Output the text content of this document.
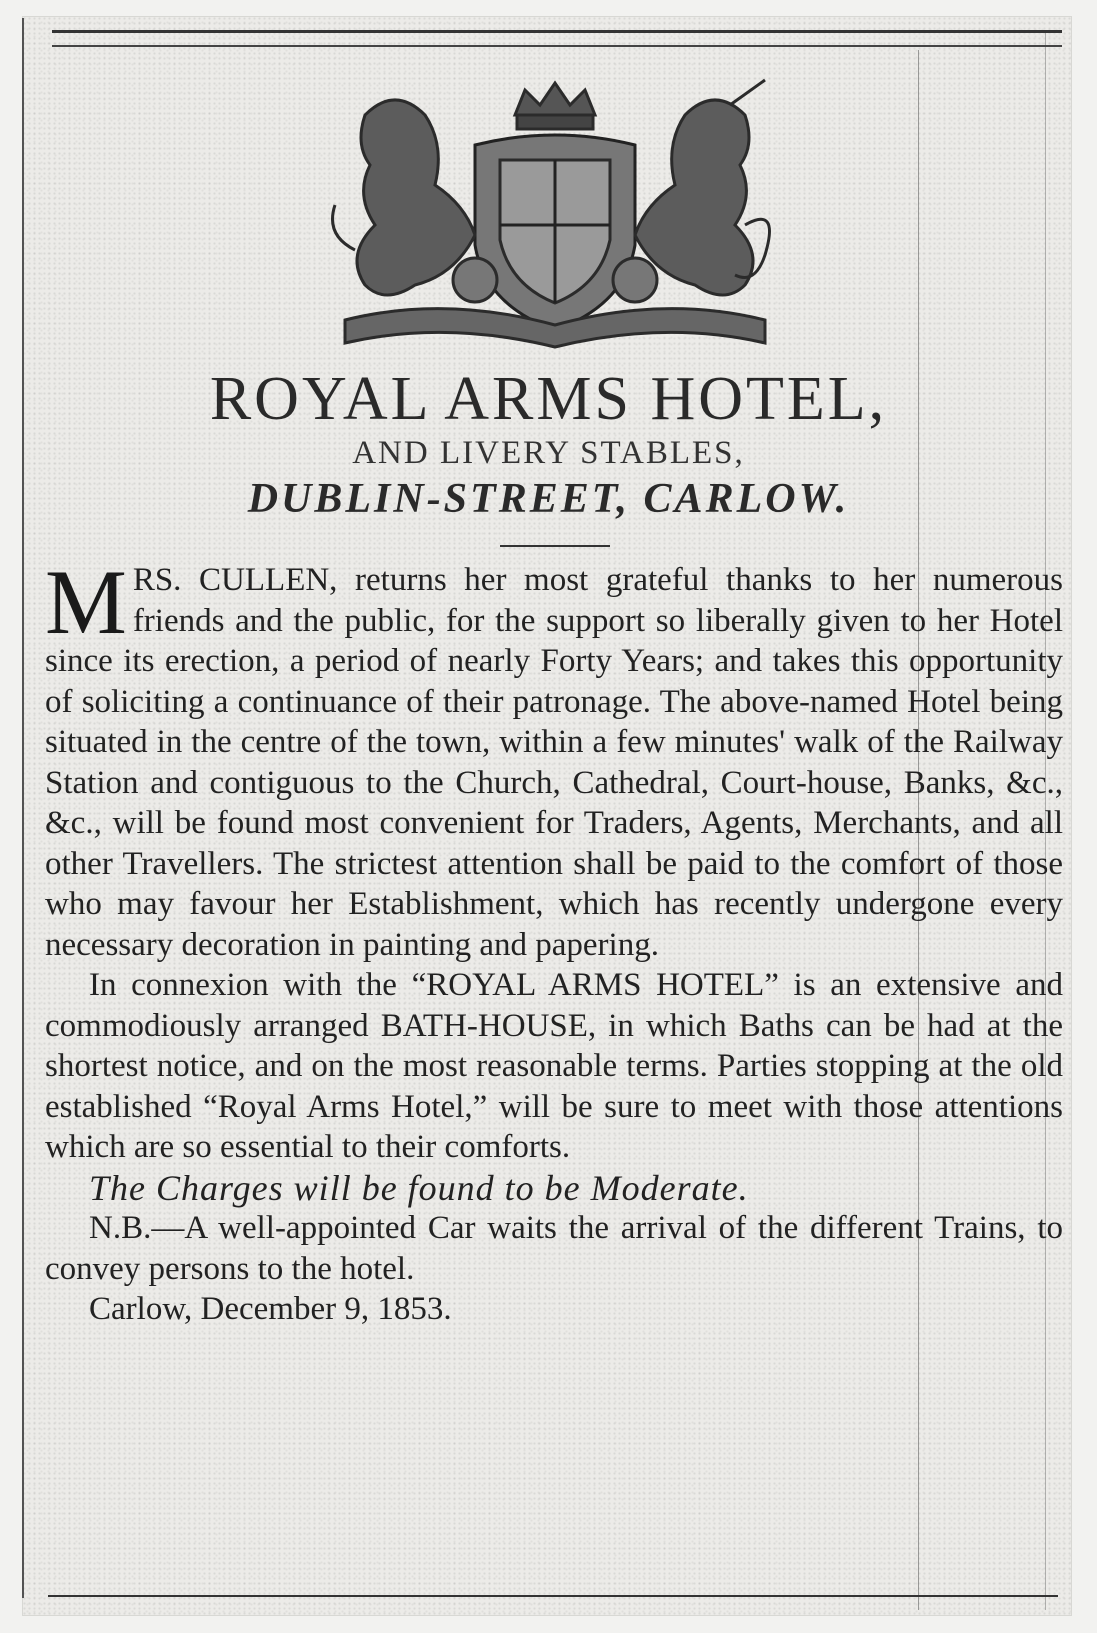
ROYAL ARMS HOTEL,
AND LIVERY STABLES,
DUBLIN-STREET, CARLOW.

MRS. CULLEN, returns her most grateful thanks to her numerous friends and the public, for the support so liberally given to her Hotel since its erection, a period of nearly Forty Years; and takes this opportunity of soliciting a continuance of their patronage. The above-named Hotel being situated in the centre of the town, within a few minutes' walk of the Railway Station and contiguous to the Church, Cathedral, Court-house, Banks, &c., &c., will be found most convenient for Traders, Agents, Merchants, and all other Travellers. The strictest attention shall be paid to the comfort of those who may favour her Establishment, which has recently undergone every necessary decoration in painting and papering.

In connexion with the “ROYAL ARMS HOTEL” is an extensive and commodiously arranged BATH-HOUSE, in which Baths can be had at the shortest notice, and on the most reasonable terms. Parties stopping at the old established “Royal Arms Hotel,” will be sure to meet with those attentions which are so essential to their comforts.

The Charges will be found to be Moderate.

N.B.—A well-appointed Car waits the arrival of the different Trains, to convey persons to the hotel.

Carlow, December 9, 1853.
